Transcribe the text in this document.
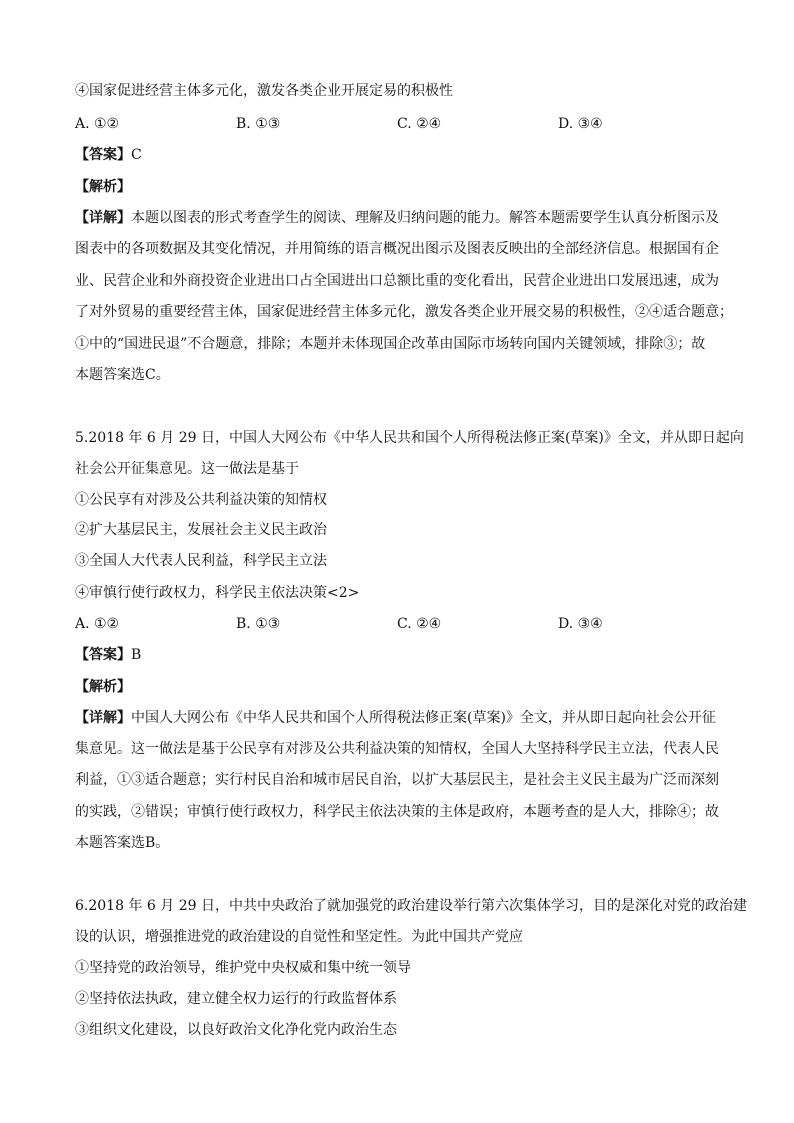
④国家促进经营主体多元化，激发各类企业开展定易的积极性
A. ①②	B. ①③	C. ②④	D. ③④
【答案】C
【解析】
【详解】本题以图表的形式考查学生的阅读、理解及归纳问题的能力。解答本题需要学生认真分析图示及
图表中的各项数据及其变化情况，并用简练的语言概况出图示及图表反映出的全部经济信息。根据国有企
业、民营企业和外商投资企业进出口占全国进出口总额比重的变化看出，民营企业进出口发展迅速，成为
了对外贸易的重要经营主体，国家促进经营主体多元化，激发各类企业开展交易的积极性，②④适合题意；
①中的“国进民退”不合题意，排除；本题并未体现国企改革由国际市场转向国内关键领域，排除③；故
本题答案选C。
5.2018 年 6 月 29 日，中国人大网公布《中华人民共和国个人所得税法修正案(草案)》全文，并从即日起向
社会公开征集意见。这一做法是基于
①公民享有对涉及公共利益决策的知情权
②扩大基层民主，发展社会主义民主政治
③全国人大代表人民利益，科学民主立法
④审慎行使行政权力，科学民主依法决策<2>
A. ①②	B. ①③	C. ②④	D. ③④
【答案】B
【解析】
【详解】中国人大网公布《中华人民共和国个人所得税法修正案(草案)》全文，并从即日起向社会公开征
集意见。这一做法是基于公民享有对涉及公共利益决策的知情权，全国人大坚持科学民主立法，代表人民
利益，①③适合题意；实行村民自治和城市居民自治，以扩大基层民主，是社会主义民主最为广泛而深刻
的实践，②错误；审慎行使行政权力，科学民主依法决策的主体是政府，本题考查的是人大，排除④；故
本题答案选B。
6.2018 年 6 月 29 日，中共中央政治了就加强党的政治建设举行第六次集体学习，目的是深化对党的政治建
设的认识，增强推进党的政治建设的自觉性和坚定性。为此中国共产党应
①坚持党的政治领导，维护党中央权威和集中统一领导
②坚持依法执政，建立健全权力运行的行政监督体系
③组织文化建设，以良好政治文化净化党内政治生态
